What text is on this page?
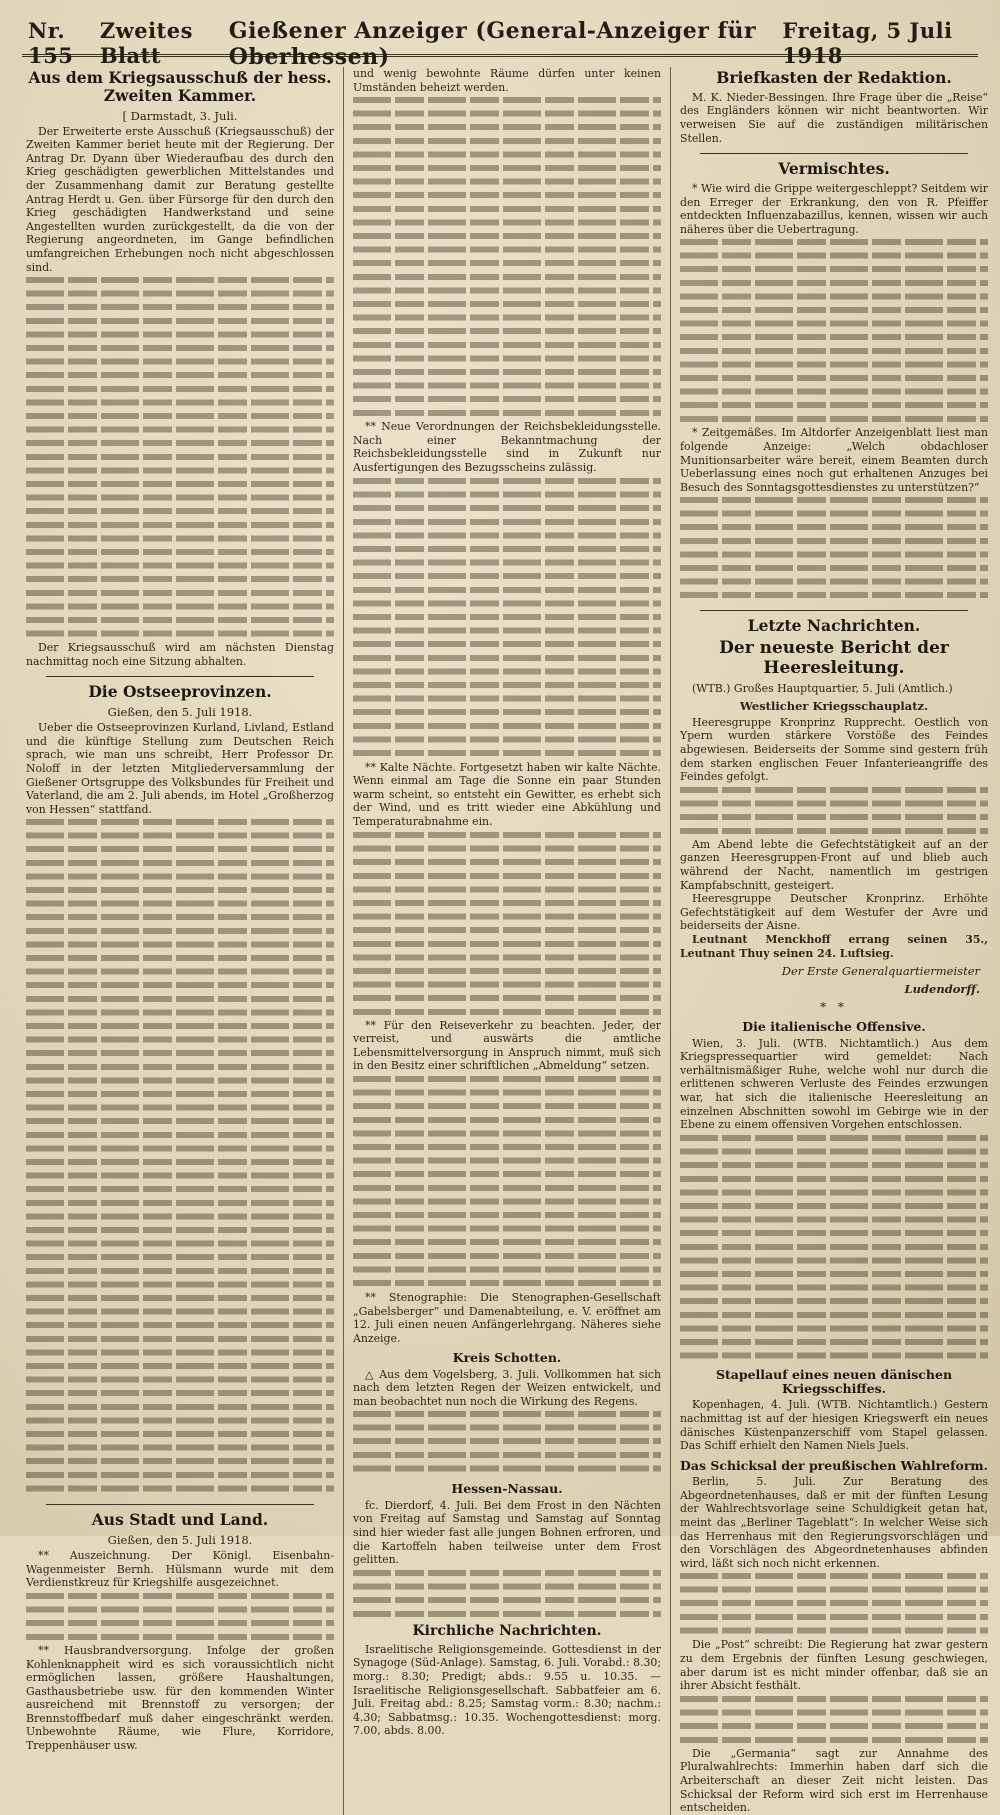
Nr. 155
Zweites Blatt
Gießener Anzeiger (General-Anzeiger für Oberhessen)
Freitag, 5 Juli 1918
Aus dem Kriegsausschuß der hess. Zweiten Kammer.
[ Darmstadt, 3. Juli.

Der Erweiterte erste Ausschuß (Kriegsausschuß) der Zweiten Kammer beriet heute mit der Regierung. Der Antrag Dr. Dyann über Wiederaufbau des durch den Krieg geschädigten gewerblichen Mittelstandes und der Zusammenhang damit zur Beratung gestellte Antrag Herdt u. Gen. über Fürsorge für den durch den Krieg geschädigten Handwerkstand und seine Angestellten wurden zurückgestellt, da die von der Regierung angeordneten, im Gange befindlichen umfangreichen Erhebungen noch nicht abgeschlossen sind.

Der Kriegsausschuß wird am nächsten Dienstag nachmittag noch eine Sitzung abhalten.

Die Ostseeprovinzen.
Gießen, den 5. Juli 1918.

Ueber die Ostseeprovinzen Kurland, Livland, Estland und die künftige Stellung zum Deutschen Reich sprach, wie man uns schreibt, Herr Professor Dr. Noloff in der letzten Mitgliederversammlung der Gießener Ortsgruppe des Volksbundes für Freiheit und Vaterland, die am 2. Juli abends, im Hotel „Großherzog von Hessen“ stattfand.

Aus Stadt und Land.
Gießen, den 5. Juli 1918.

** Auszeichnung. Der Königl. Eisenbahn-Wagenmeister Bernh. Hülsmann wurde mit dem Verdienstkreuz für Kriegshilfe ausgezeichnet.

** Hausbrandversorgung. Infolge der großen Kohlenknappheit wird es sich voraussichtlich nicht ermöglichen lassen, größere Haushaltungen, Gasthausbetriebe usw. für den kommenden Winter ausreichend mit Brennstoff zu versorgen; der Brennstoffbedarf muß daher eingeschränkt werden. Unbewohnte Räume, wie Flure, Korridore, Treppenhäuser usw.

und wenig bewohnte Räume dürfen unter keinen Umständen beheizt werden.

** Neue Verordnungen der Reichsbekleidungsstelle. Nach einer Bekanntmachung der Reichsbekleidungsstelle sind in Zukunft nur Ausfertigungen des Bezugsscheins zulässig.

** Kalte Nächte. Fortgesetzt haben wir kalte Nächte. Wenn einmal am Tage die Sonne ein paar Stunden warm scheint, so entsteht ein Gewitter, es erhebt sich der Wind, und es tritt wieder eine Abkühlung und Temperaturabnahme ein.

** Für den Reiseverkehr zu beachten. Jeder, der verreist, und auswärts die amtliche Lebensmittelversorgung in Anspruch nimmt, muß sich in den Besitz einer schriftlichen „Abmeldung“ setzen.

** Stenographie: Die Stenographen-Gesellschaft „Gabelsberger“ und Damenabteilung, e. V. eröffnet am 12. Juli einen neuen Anfängerlehrgang. Näheres siehe Anzeige.

Kreis Schotten.

△ Aus dem Vogelsberg, 3. Juli. Vollkommen hat sich nach dem letzten Regen der Weizen entwickelt, und man beobachtet nun noch die Wirkung des Regens.

Hessen-Nassau.

fc. Dierdorf, 4. Juli. Bei dem Frost in den Nächten von Freitag auf Samstag und Samstag auf Sonntag sind hier wieder fast alle jungen Bohnen erfroren, und die Kartoffeln haben teilweise unter dem Frost gelitten.

Kirchliche Nachrichten.

Israelitische Religionsgemeinde. Gottesdienst in der Synagoge (Süd-Anlage). Samstag, 6. Juli. Vorabd.: 8.30; morg.: 8.30; Predigt; abds.: 9.55 u. 10.35. — Israelitische Religionsgesellschaft. Sabbatfeier am 6. Juli. Freitag abd.: 8.25; Samstag vorm.: 8.30; nachm.: 4.30; Sabbatmsg.: 10.35. Wochengottesdienst: morg. 7.00, abds. 8.00.

Briefkasten der Redaktion.

M. K. Nieder-Bessingen. Ihre Frage über die „Reise“ des Engländers können wir nicht beantworten. Wir verweisen Sie auf die zuständigen militärischen Stellen.

Vermischtes.

* Wie wird die Grippe weitergeschleppt? Seitdem wir den Erreger der Erkrankung, den von R. Pfeiffer entdeckten Influenzabazillus, kennen, wissen wir auch näheres über die Uebertragung.

* Zeitgemäßes. Im Altdorfer Anzeigenblatt liest man folgende Anzeige: „Welch obdachloser Munitionsarbeiter wäre bereit, einem Beamten durch Ueberlassung eines noch gut erhaltenen Anzuges bei Besuch des Sonntagsgottesdienstes zu unterstützen?“

Letzte Nachrichten.
Der neueste Bericht der Heeresleitung.

(WTB.) Großes Hauptquartier, 5. Juli (Amtlich.)

Westlicher Kriegsschauplatz.

Heeresgruppe Kronprinz Rupprecht. Oestlich von Ypern wurden stärkere Vorstöße des Feindes abgewiesen. Beiderseits der Somme sind gestern früh dem starken englischen Feuer Infanterieangriffe des Feindes gefolgt.

Am Abend lebte die Gefechtstätigkeit auf an der ganzen Heeresgruppen-Front auf und blieb auch während der Nacht, namentlich im gestrigen Kampfabschnitt, gesteigert.

Heeresgruppe Deutscher Kronprinz. Erhöhte Gefechtstätigkeit auf dem Westufer der Avre und beiderseits der Aisne.

Leutnant Menckhoff errang seinen 35., Leutnant Thuy seinen 24. Luftsieg.

Der Erste Generalquartiermeister
Ludendorff.
* *
Die italienische Offensive.

Wien, 3. Juli. (WTB. Nichtamtlich.) Aus dem Kriegspressequartier wird gemeldet: Nach verhältnismäßiger Ruhe, welche wohl nur durch die erlittenen schweren Verluste des Feindes erzwungen war, hat sich die italienische Heeresleitung an einzelnen Abschnitten sowohl im Gebirge wie in der Ebene zu einem offensiven Vorgehen entschlossen.

Stapellauf eines neuen dänischen Kriegsschiffes.

Kopenhagen, 4. Juli. (WTB. Nichtamtlich.) Gestern nachmittag ist auf der hiesigen Kriegswerft ein neues dänisches Küstenpanzerschiff vom Stapel gelassen. Das Schiff erhielt den Namen Niels Juels.

Das Schicksal der preußischen Wahlreform.

Berlin, 5. Juli. Zur Beratung des Abgeordnetenhauses, daß er mit der fünften Lesung der Wahlrechtsvorlage seine Schuldigkeit getan hat, meint das „Berliner Tageblatt“: In welcher Weise sich das Herrenhaus mit den Regierungsvorschlägen und den Vorschlägen des Abgeordnetenhauses abfinden wird, läßt sich noch nicht erkennen.

Die „Post“ schreibt: Die Regierung hat zwar gestern zu dem Ergebnis der fünften Lesung geschwiegen, aber darum ist es nicht minder offenbar, daß sie an ihrer Absicht festhält.

Die „Germania“ sagt zur Annahme des Pluralwahlrechts: Immerhin haben darf sich die Arbeiterschaft an dieser Zeit nicht leisten. Das Schicksal der Reform wird sich erst im Herrenhause entscheiden.
